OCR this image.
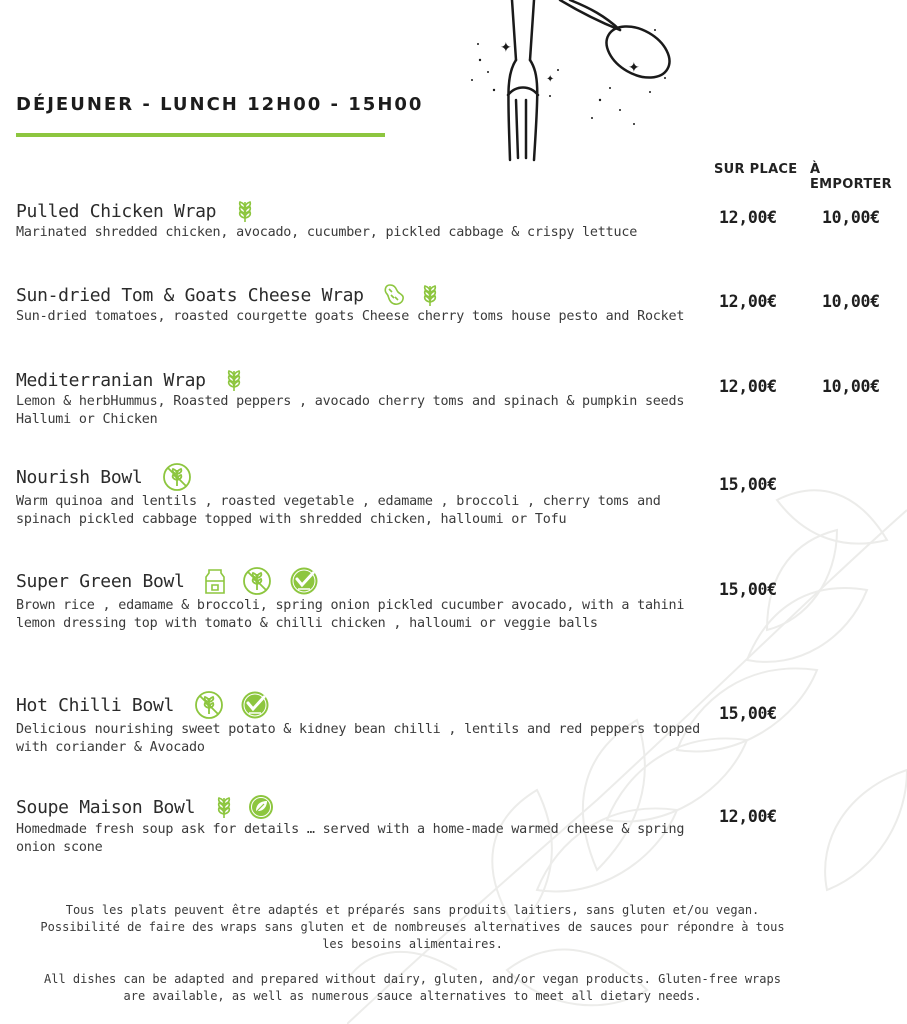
✦
✦
✦
DÉJEUNER - LUNCH 12H00 - 15H00
SUR PLACE À EMPORTER
Pulled Chicken Wrap
Marinated shredded chicken, avocado, cucumber, pickled cabbage & crispy lettuce
12,00€	10,00€
Sun-dried Tom & Goats Cheese Wrap
Sun-dried tomatoes, roasted courgette goats Cheese cherry toms house pesto and Rocket
12,00€	10,00€
Mediterranian Wrap
Lemon & herbHummus, Roasted peppers , avocado cherry toms and spinach & pumpkin seeds Hallumi or Chicken
12,00€	10,00€
Nourish Bowl
Warm quinoa and lentils , roasted vegetable , edamame , broccoli , cherry toms and spinach pickled cabbage topped with shredded chicken, halloumi or Tofu
15,00€
Super Green Bowl
Brown rice , edamame & broccoli, spring onion pickled cucumber avocado, with a tahini lemon dressing top with tomato & chilli chicken , halloumi or veggie balls
15,00€
Hot Chilli Bowl
Delicious nourishing sweet potato & kidney bean chilli , lentils and red peppers topped with coriander & Avocado
15,00€
Soupe Maison Bowl
Homedmade fresh soup ask for details … served with a home-made warmed cheese & spring onion scone
12,00€
Tous les plats peuvent être adaptés et préparés sans produits laitiers, sans gluten et/ou vegan. Possibilité de faire des wraps sans gluten et de nombreuses alternatives de sauces pour répondre à tous les besoins alimentaires.
All dishes can be adapted and prepared without dairy, gluten, and/or vegan products. Gluten-free wraps are available, as well as numerous sauce alternatives to meet all dietary needs.
